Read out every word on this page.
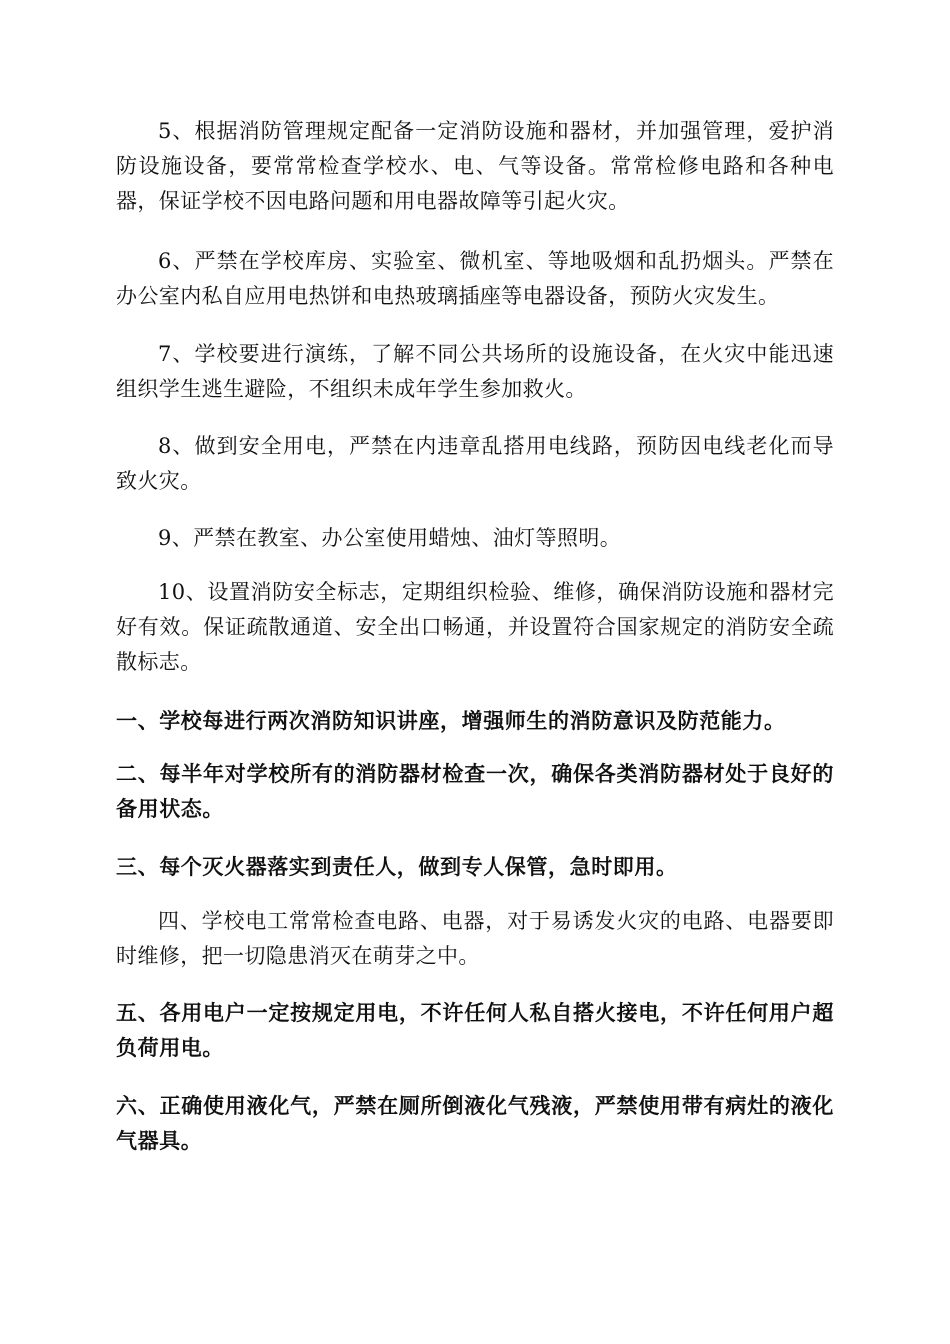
5、根据消防管理规定配备一定消防设施和器材，并加强管理，爱护消防设施设备，要常常检查学校水、电、气等设备。常常检修电路和各种电器，保证学校不因电路问题和用电器故障等引起火灾。

6、严禁在学校库房、实验室、微机室、等地吸烟和乱扔烟头。严禁在办公室内私自应用电热饼和电热玻璃插座等电器设备，预防火灾发生。

7、学校要进行演练，了解不同公共场所的设施设备，在火灾中能迅速组织学生逃生避险，不组织未成年学生参加救火。

8、做到安全用电，严禁在内违章乱搭用电线路，预防因电线老化而导致火灾。

9、严禁在教室、办公室使用蜡烛、油灯等照明。

10、设置消防安全标志，定期组织检验、维修，确保消防设施和器材完好有效。保证疏散通道、安全出口畅通，并设置符合国家规定的消防安全疏散标志。

一、学校每进行两次消防知识讲座，增强师生的消防意识及防范能力。

二、每半年对学校所有的消防器材检查一次，确保各类消防器材处于良好的备用状态。

三、每个灭火器落实到责任人，做到专人保管，急时即用。

四、学校电工常常检查电路、电器，对于易诱发火灾的电路、电器要即时维修，把一切隐患消灭在萌芽之中。

五、各用电户一定按规定用电，不许任何人私自搭火接电，不许任何用户超负荷用电。

六、正确使用液化气，严禁在厕所倒液化气残液，严禁使用带有病灶的液化气器具。
